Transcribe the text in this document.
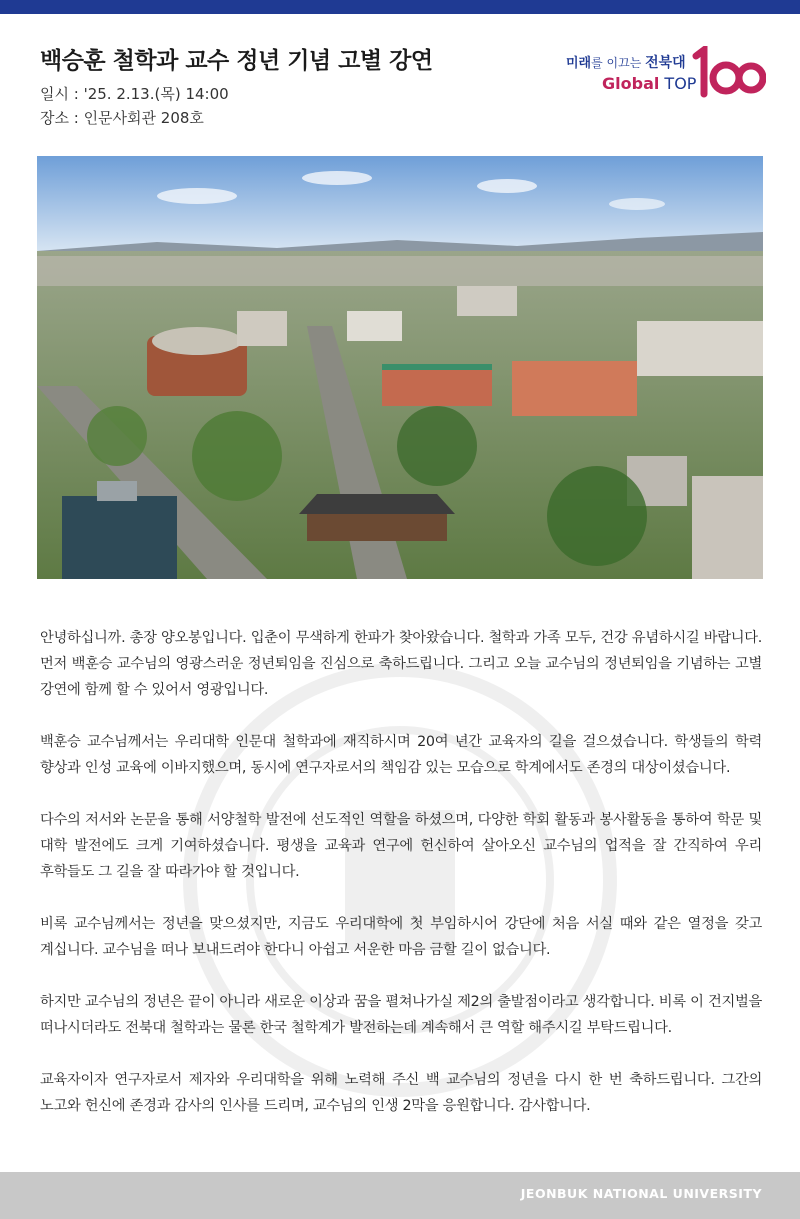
백승훈 철학과 교수 정년 기념 고별 강연
일시 : '25. 2.13.(목) 14:00
장소 : 인문사회관 208호
미래를 이끄는 전북대
Global TOP

안녕하십니까. 총장 양오봉입니다. 입춘이 무색하게 한파가 찾아왔습니다. 철학과 가족 모두, 건강 유념하시길 바랍니다. 먼저 백훈승 교수님의 영광스러운 정년퇴임을 진심으로 축하드립니다. 그리고 오늘 교수님의 정년퇴임을 기념하는 고별 강연에 함께 할 수 있어서 영광입니다.

백훈승 교수님께서는 우리대학 인문대 철학과에 재직하시며 20여 년간 교육자의 길을 걸으셨습니다. 학생들의 학력 향상과 인성 교육에 이바지했으며, 동시에 연구자로서의 책임감 있는 모습으로 학계에서도 존경의 대상이셨습니다.

다수의 저서와 논문을 통해 서양철학 발전에 선도적인 역할을 하셨으며, 다양한 학회 활동과 봉사활동을 통하여 학문 및 대학 발전에도 크게 기여하셨습니다. 평생을 교육과 연구에 헌신하여 살아오신 교수님의 업적을 잘 간직하여 우리 후학들도 그 길을 잘 따라가야 할 것입니다.

비록 교수님께서는 정년을 맞으셨지만, 지금도 우리대학에 첫 부임하시어 강단에 처음 서실 때와 같은 열정을 갖고 계십니다. 교수님을 떠나 보내드려야 한다니 아쉽고 서운한 마음 금할 길이 없습니다.

하지만 교수님의 정년은 끝이 아니라 새로운 이상과 꿈을 펼쳐나가실 제2의 출발점이라고 생각합니다. 비록 이 건지벌을 떠나시더라도 전북대 철학과는 물론 한국 철학계가 발전하는데 계속해서 큰 역할 해주시길 부탁드립니다.

교육자이자 연구자로서 제자와 우리대학을 위해 노력해 주신 백 교수님의 정년을 다시 한 번 축하드립니다. 그간의 노고와 헌신에 존경과 감사의 인사를 드리며, 교수님의 인생 2막을 응원합니다. 감사합니다.

JEONBUK NATIONAL UNIVERSITY
